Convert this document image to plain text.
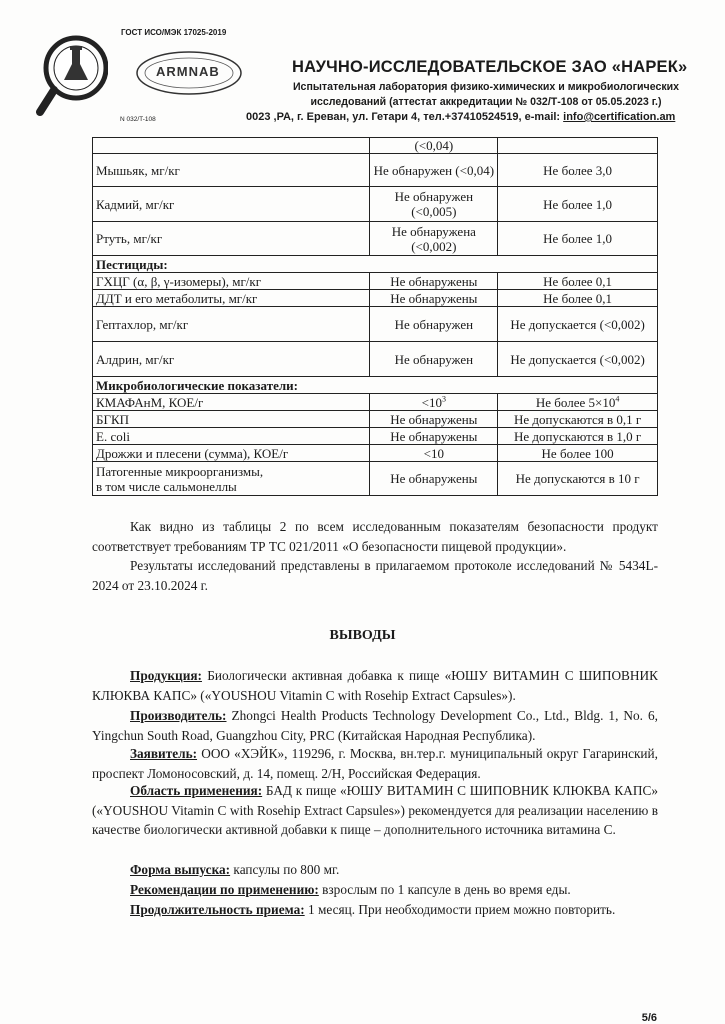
ARMNAB
ГОСТ ИСО/МЭК 17025-2019
НАУЧНО-ИССЛЕДОВАТЕЛЬСКОЕ ЗАО «НАРЕК»
Испытательная лаборатория физико-химических и микробиологических исследований (аттестат аккредитации № 032/Т-108 от 05.05.2023 г.)
N 032/T-108	0023 ,РА, г. Ереван, ул. Гетари 4, тел.+37410524519, e-mail: info@certification.am
	(<0,04)	
Мышьяк, мг/кг	Не обнаружен (<0,04)	Не более 3,0
Кадмий, мг/кг	Не обнаружен (<0,005)	Не более 1,0
Ртуть, мг/кг	Не обнаружена (<0,002)	Не более 1,0
Пестициды:		
ГХЦГ (α, β, γ-изомеры), мг/кг	Не обнаружены	Не более 0,1
ДДТ и его метаболиты, мг/кг	Не обнаружены	Не более 0,1
Гептахлор, мг/кг	Не обнаружен	Не допускается (<0,002)
Алдрин, мг/кг	Не обнаружен	Не допускается (<0,002)
Микробиологические показатели:		
КМАФАнМ, КОЕ/г	$<10^3$	Не более $5\times 10^4$
БГКП	Не обнаружены	Не допускаются в 0,1 г
E. coli	Не обнаружены	Не допускаются в 1,0 г
Дрожжи и плесени (сумма), КОЕ/г	<10	Не более 100
Патогенные микроорганизмы,
в том числе сальмонеллы	Не обнаружены	Не допускаются в 10 г
Как видно из таблицы 2 по всем исследованным показателям безопасности продукт соответствует требованиям ТР ТС 021/2011 «О безопасности пищевой продукции».
Результаты исследований представлены в прилагаемом протоколе исследований № 5434L-2024 от 23.10.2024 г.
ВЫВОДЫ
Продукция: Биологически активная добавка к пище «ЮШУ ВИТАМИН С ШИПОВНИК КЛЮКВА КАПС» («YOUSHOU Vitamin C with Rosehip Extract Capsules»).
Производитель: Zhongci Health Products Technology Development Co., Ltd., Bldg. 1, No. 6, Yingchun South Road, Guangzhou City, PRC (Китайская Народная Республика).
Заявитель: ООО «ХЭЙК», 119296, г. Москва, вн.тер.г. муниципальный округ Гагаринский, проспект Ломоносовский, д. 14, помещ. 2/Н, Российская Федерация.
Область применения: БАД к пище «ЮШУ ВИТАМИН С ШИПОВНИК КЛЮКВА КАПС» («YOUSHOU Vitamin C with Rosehip Extract Capsules») рекомендуется для реализации населению в качестве биологически активной добавки к пище – дополнительного источника витамина С.
Форма выпуска: капсулы по 800 мг.
Рекомендации по применению: взрослым по 1 капсуле в день во время еды.
Продолжительность приема: 1 месяц. При необходимости прием можно повторить.
5/6
